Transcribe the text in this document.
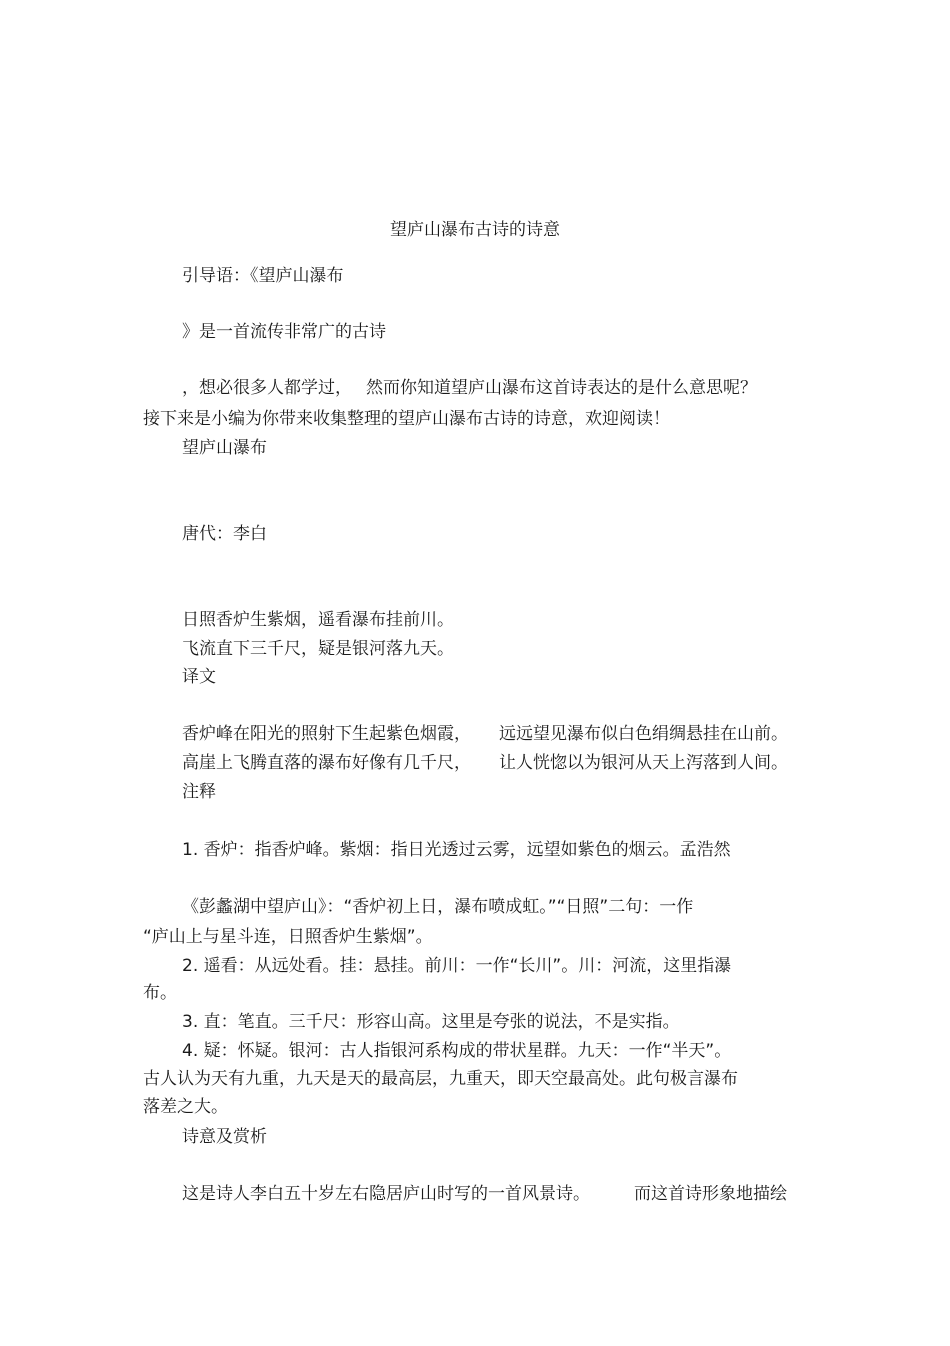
望庐山瀑布古诗的诗意

引导语：《望庐山瀑布

》是一首流传非常广的古诗

，想必很多人都学过， 然而你知道望庐山瀑布这首诗表达的是什么意思呢？

接下来是小编为你带来收集整理的望庐山瀑布古诗的诗意，欢迎阅读！

望庐山瀑布

唐代：李白

日照香炉生紫烟，遥看瀑布挂前川。

飞流直下三千尺，疑是银河落九天。

译文

香炉峰在阳光的照射下生起紫色烟霞， 远远望见瀑布似白色绢绸悬挂在山前。

高崖上飞腾直落的瀑布好像有几千尺， 让人恍惚以为银河从天上泻落到人间。

注释

1. 香炉：指香炉峰。紫烟：指日光透过云雾，远望如紫色的烟云。孟浩然

《彭蠡湖中望庐山》：“香炉初上日，瀑布喷成虹。”“日照”二句：一作

“庐山上与星斗连，日照香炉生紫烟”。

2. 遥看：从远处看。挂：悬挂。前川：一作“长川”。川：河流，这里指瀑

布。

3. 直：笔直。三千尺：形容山高。这里是夸张的说法，不是实指。

4. 疑：怀疑。银河：古人指银河系构成的带状星群。九天：一作“半天”。

古人认为天有九重，九天是天的最高层，九重天，即天空最高处。此句极言瀑布

落差之大。

诗意及赏析

这是诗人李白五十岁左右隐居庐山时写的一首风景诗。	而这首诗形象地描绘
